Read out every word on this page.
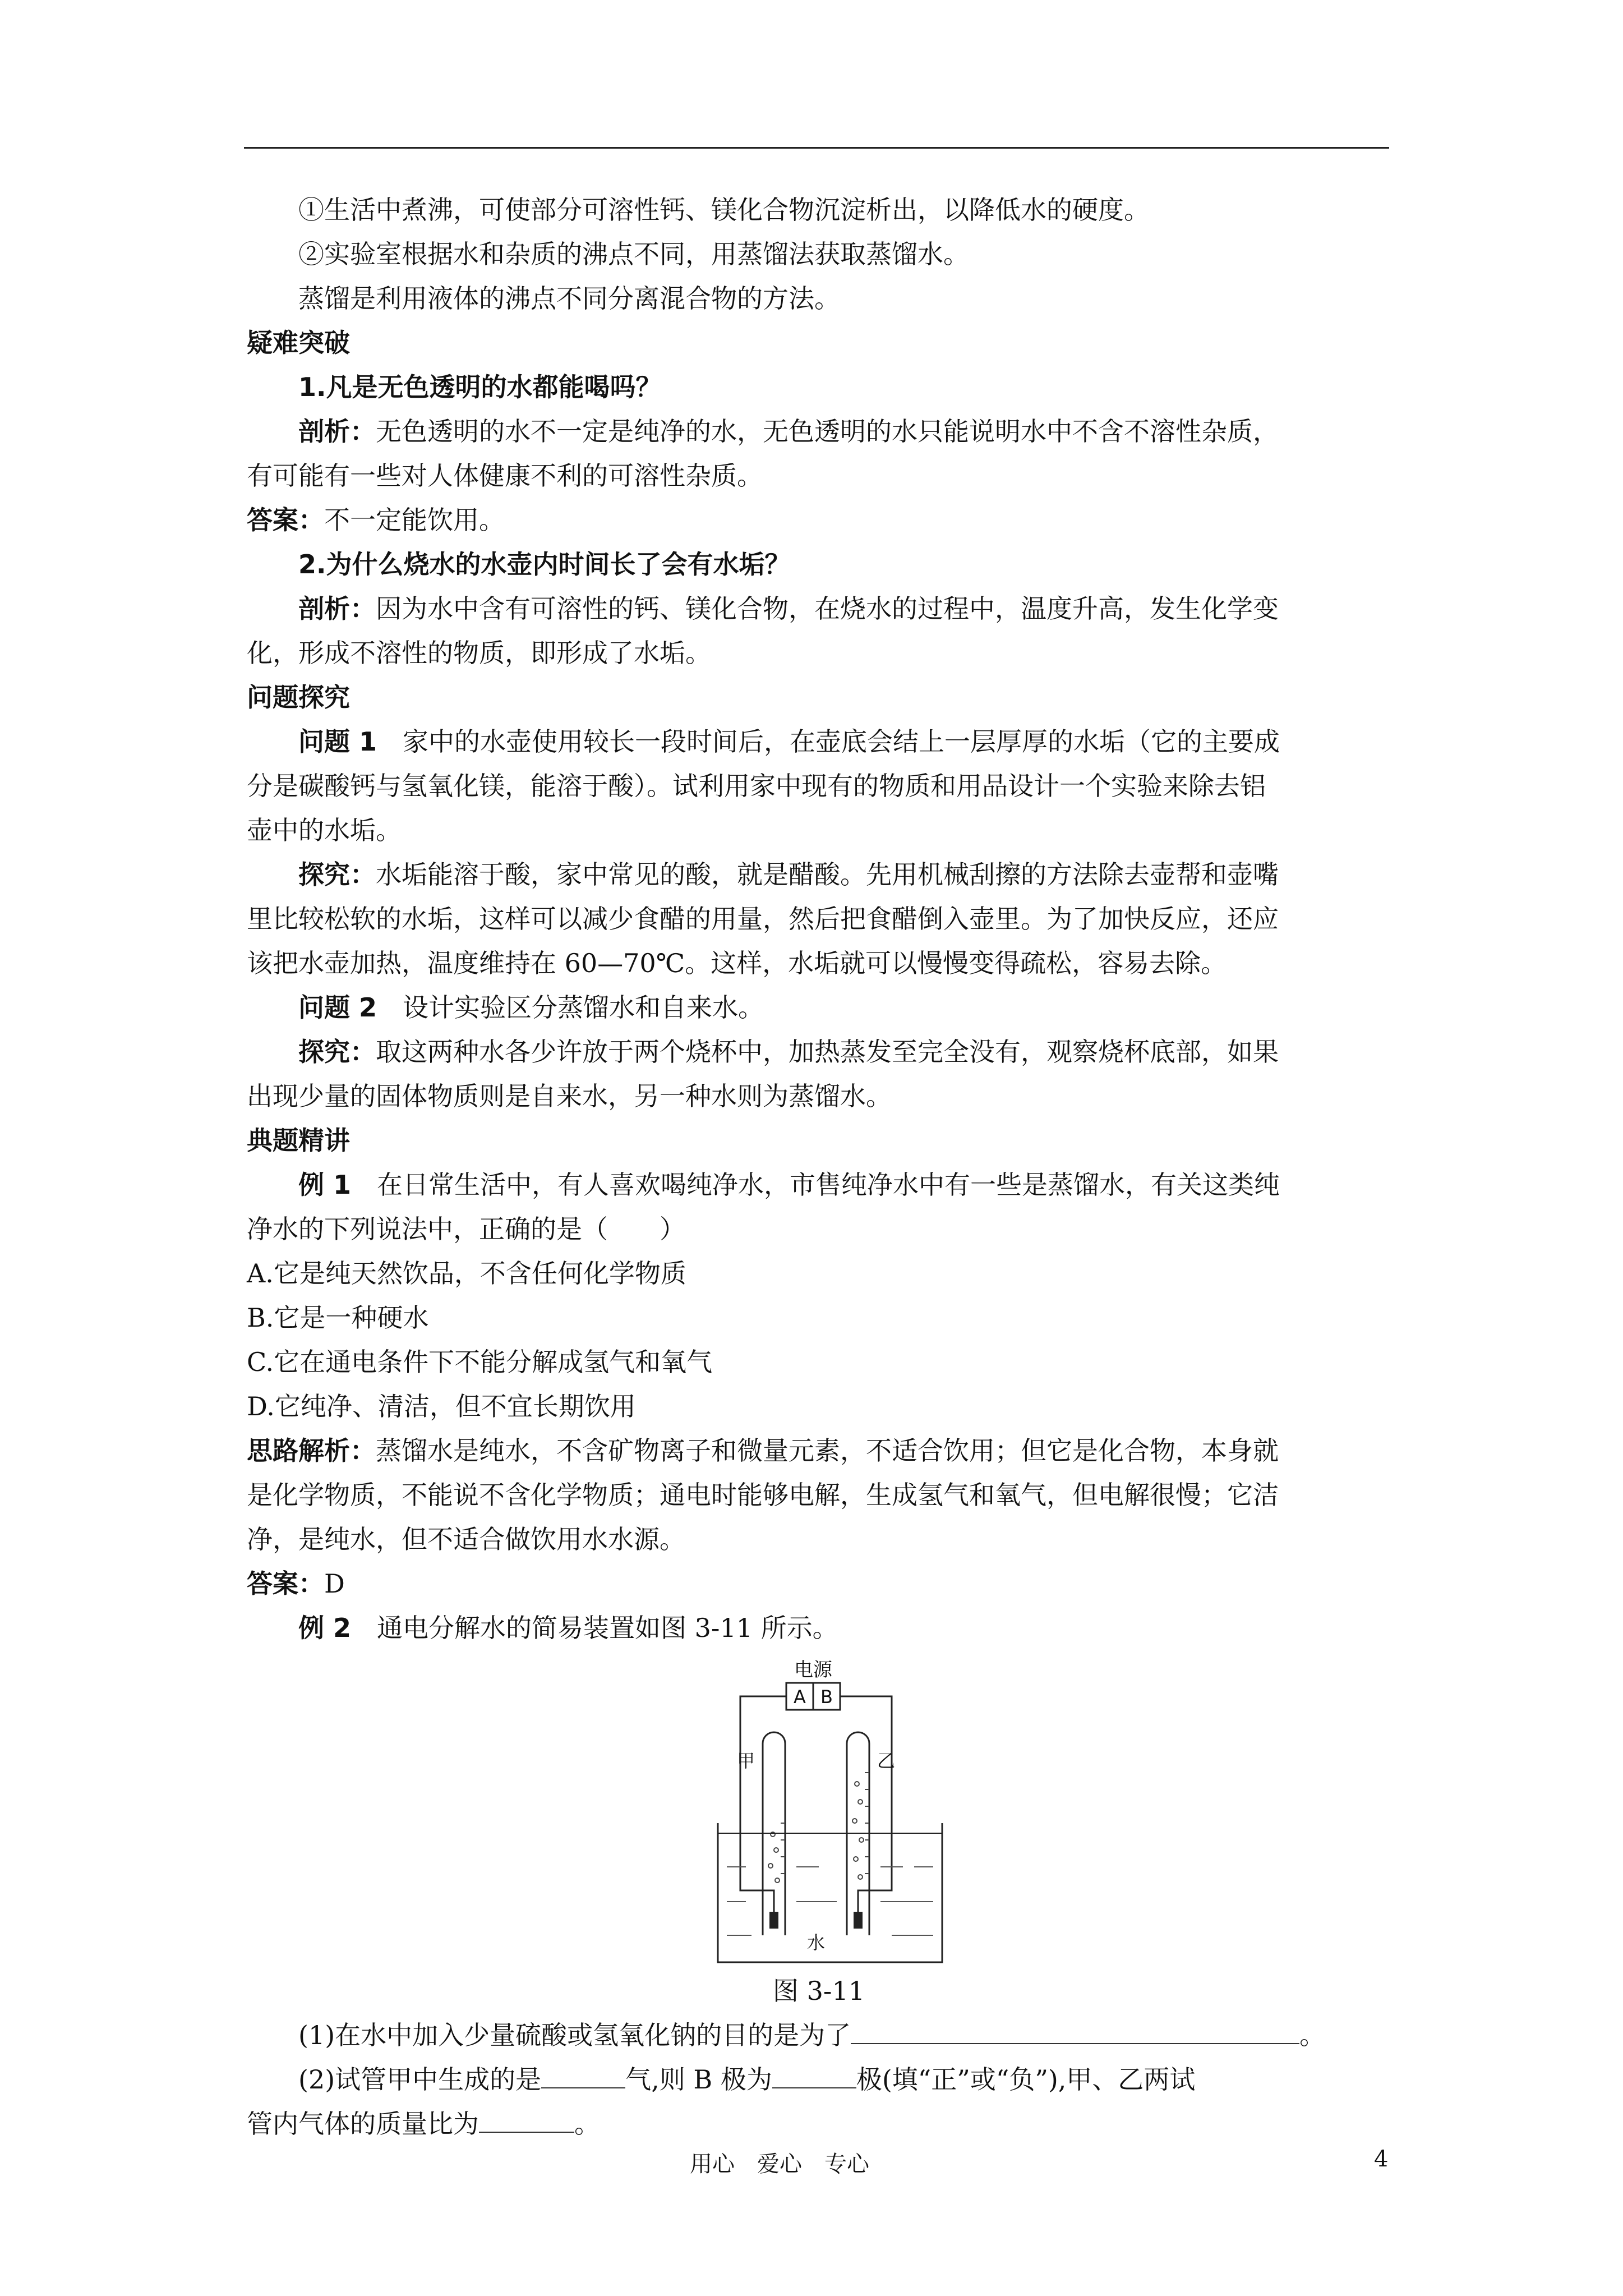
①生活中煮沸，可使部分可溶性钙、镁化合物沉淀析出，以降低水的硬度。

②实验室根据水和杂质的沸点不同，用蒸馏法获取蒸馏水。

蒸馏是利用液体的沸点不同分离混合物的方法。

疑难突破

1.凡是无色透明的水都能喝吗？

剖析：无色透明的水不一定是纯净的水，无色透明的水只能说明水中不含不溶性杂质，

有可能有一些对人体健康不利的可溶性杂质。

答案：不一定能饮用。

2.为什么烧水的水壶内时间长了会有水垢？

剖析：因为水中含有可溶性的钙、镁化合物，在烧水的过程中，温度升高，发生化学变

化，形成不溶性的物质，即形成了水垢。

问题探究

问题 1　家中的水壶使用较长一段时间后，在壶底会结上一层厚厚的水垢（它的主要成

分是碳酸钙与氢氧化镁，能溶于酸）。试利用家中现有的物质和用品设计一个实验来除去铝

壶中的水垢。

探究：水垢能溶于酸，家中常见的酸，就是醋酸。先用机械刮擦的方法除去壶帮和壶嘴

里比较松软的水垢，这样可以减少食醋的用量，然后把食醋倒入壶里。为了加快反应，还应

该把水壶加热，温度维持在 60—70℃。这样，水垢就可以慢慢变得疏松，容易去除。

问题 2　设计实验区分蒸馏水和自来水。

探究：取这两种水各少许放于两个烧杯中，加热蒸发至完全没有，观察烧杯底部，如果

出现少量的固体物质则是自来水，另一种水则为蒸馏水。

典题精讲

例 1　在日常生活中，有人喜欢喝纯净水，市售纯净水中有一些是蒸馏水，有关这类纯

净水的下列说法中，正确的是（　　）

A.它是纯天然饮品，不含任何化学物质

B.它是一种硬水

C.它在通电条件下不能分解成氢气和氧气

D.它纯净、清洁，但不宜长期饮用

思路解析：蒸馏水是纯水，不含矿物离子和微量元素，不适合饮用；但它是化合物，本身就

是化学物质，不能说不含化学物质；通电时能够电解，生成氢气和氧气，但电解很慢；它洁

净，是纯水，但不适合做饮用水水源。

答案：D

例 2　通电分解水的简易装置如图 3-11 所示。

电源
A B
甲	乙
水

图 3-11

(1)在水中加入少量硫酸或氢氧化钠的目的是为了	。

(2)试管甲中生成的是	气,则 B 极为	极(填“正”或“负”),甲、乙两试

管内气体的质量比为	。

用心　爱心　专心	4
